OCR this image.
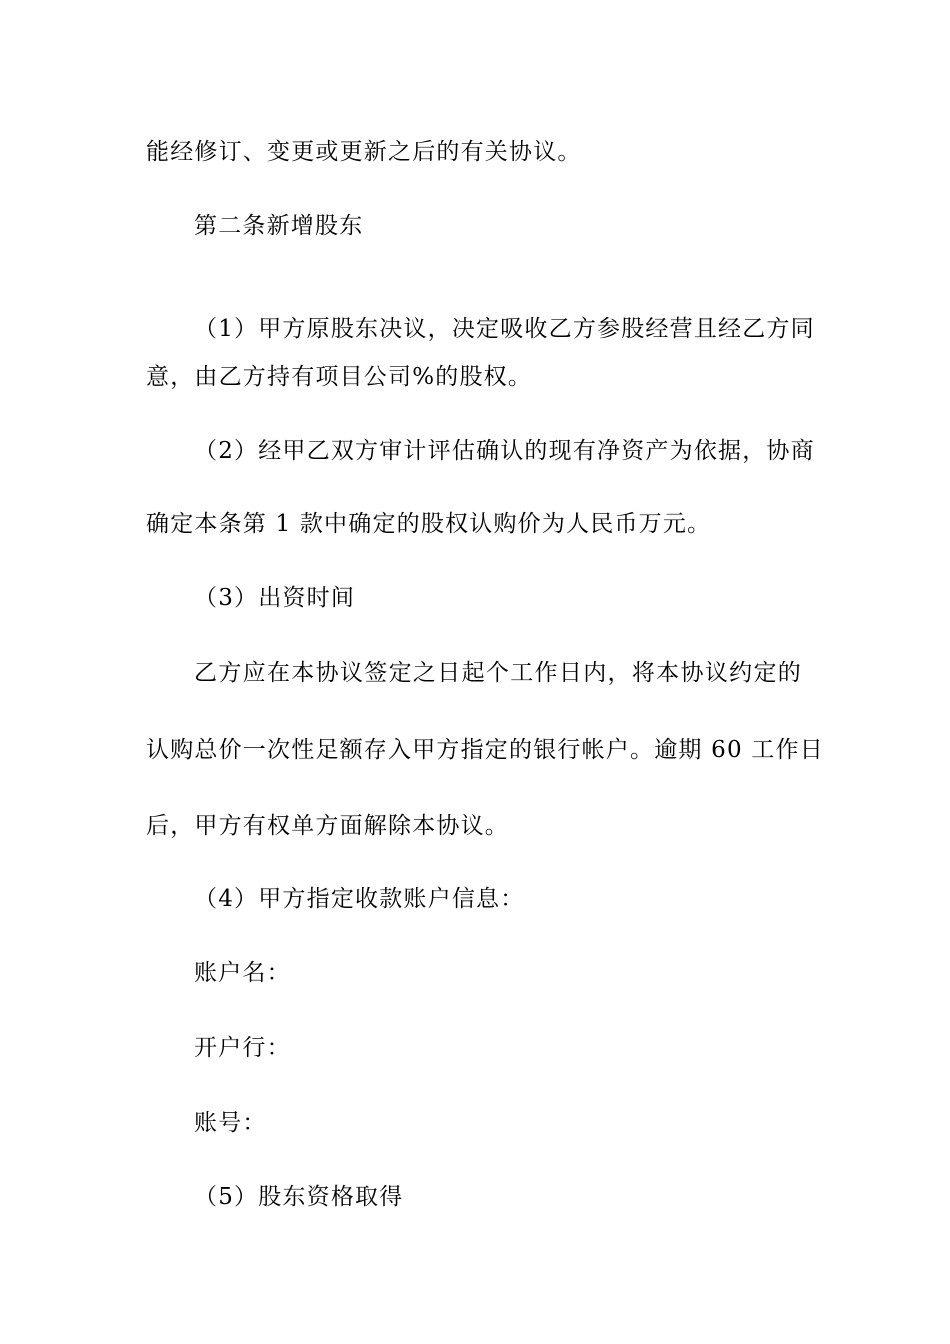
能经修订、变更或更新之后的有关协议。

第二条新增股东

（1）甲方原股东决议，决定吸收乙方参股经营且经乙方同

意，由乙方持有项目公司%的股权。

（2）经甲乙双方审计评估确认的现有净资产为依据，协商

确定本条第 1 款中确定的股权认购价为人民币万元。

（3）出资时间

乙方应在本协议签定之日起个工作日内，将本协议约定的

认购总价一次性足额存入甲方指定的银行帐户。逾期 60 工作日

后，甲方有权单方面解除本协议。

（4）甲方指定收款账户信息：

账户名：

开户行：

账号：

（5）股东资格取得
